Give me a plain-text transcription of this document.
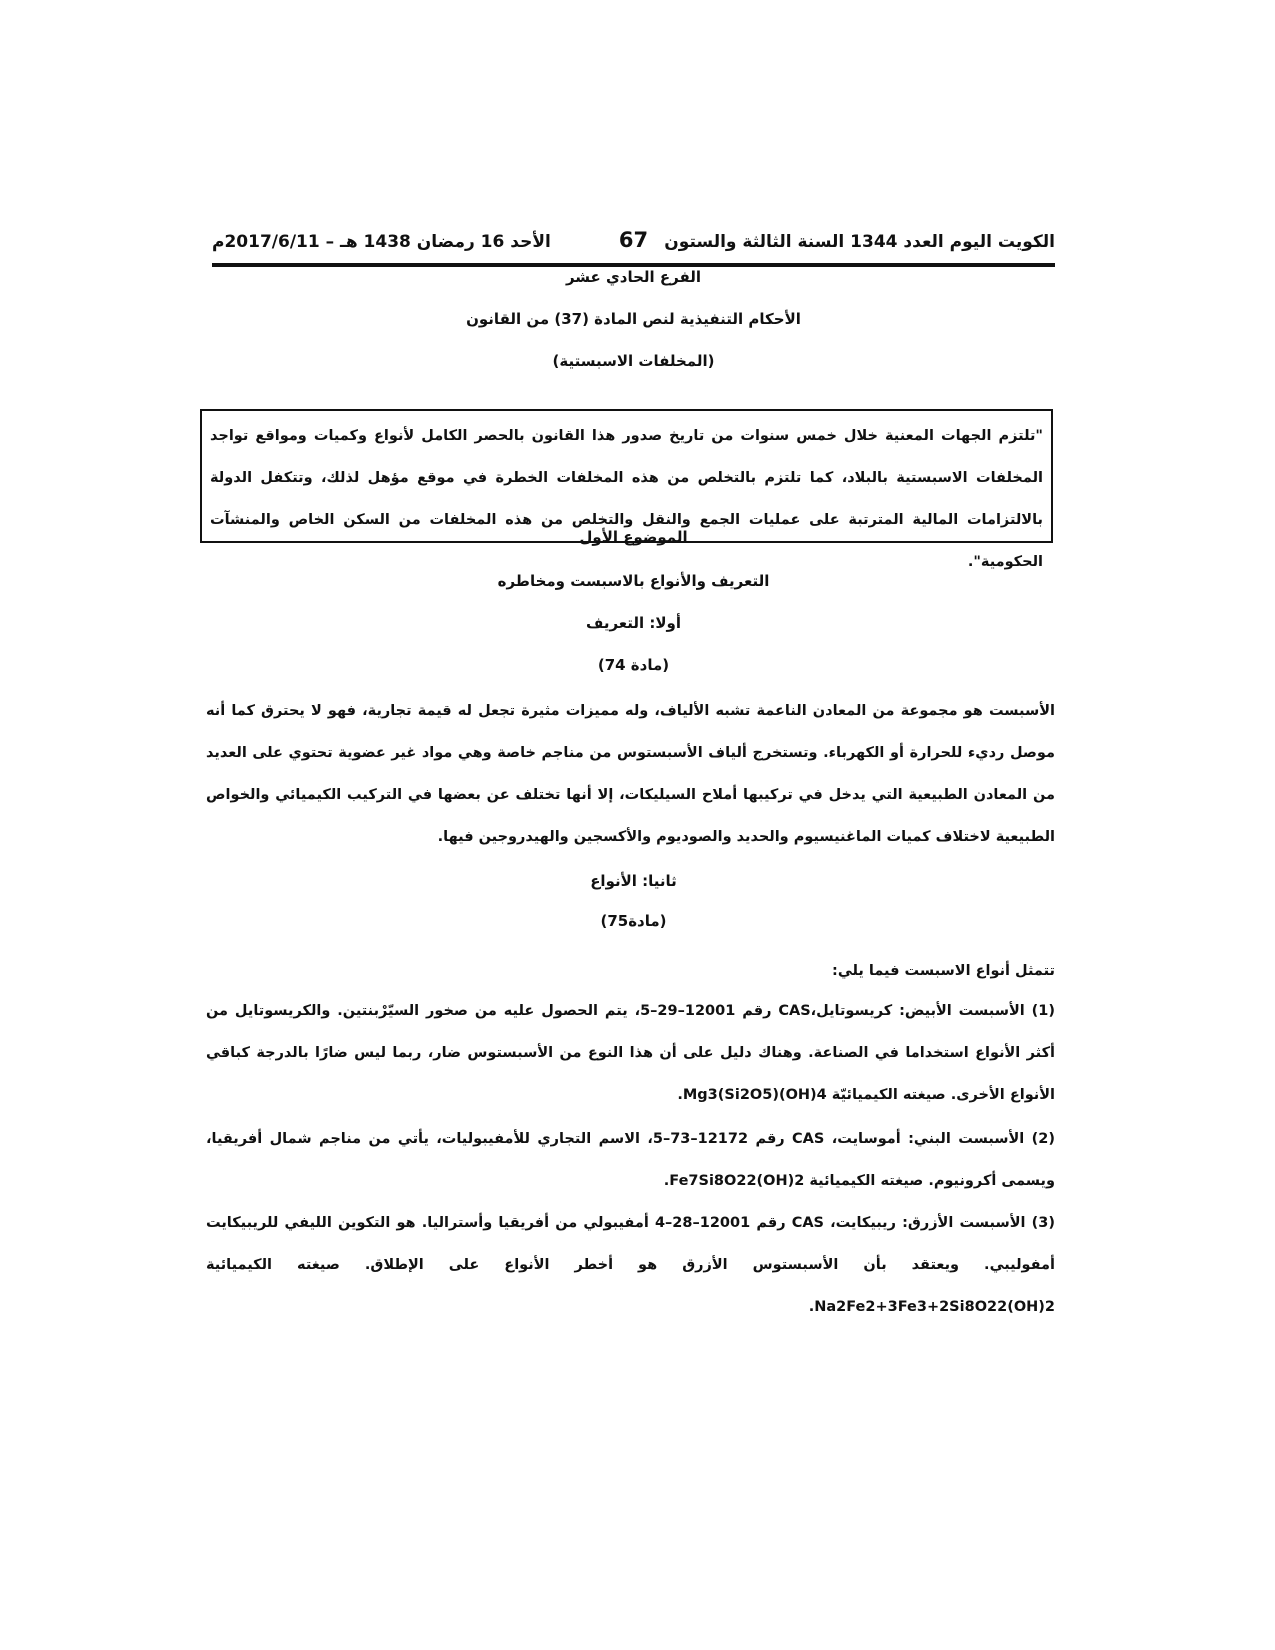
الكويت اليوم العدد 1344 السنة الثالثة والستون
67
الأحد 16 رمضان 1438 هـ – 2017/6/11م
الفرع الحادي عشر
الأحكام التنفيذية لنص المادة (37) من القانون
(المخلفات الاسبستية)
"تلتزم الجهات المعنية خلال خمس سنوات من تاريخ صدور هذا القانون بالحصر الكامل لأنواع وكميات ومواقع تواجد المخلفات الاسبستية بالبلاد، كما تلتزم بالتخلص من هذه المخلفات الخطرة في موقع مؤهل لذلك، وتتكفل الدولة بالالتزامات المالية المترتبة على عمليات الجمع والنقل والتخلص من هذه المخلفات من السكن الخاص والمنشآت الحكومية".
الموضوع الأول
التعريف والأنواع بالاسبست ومخاطره
أولا: التعريف
(مادة 74)
الأسبست هو مجموعة من المعادن الناعمة تشبه الألياف، وله مميزات مثيرة تجعل له قيمة تجارية، فهو لا يحترق كما أنه موصل رديء للحرارة أو الكهرباء. وتستخرج ألياف الأسبستوس من مناجم خاصة وهي مواد غير عضوية تحتوي على العديد من المعادن الطبيعية التي يدخل في تركيبها أملاح السيليكات، إلا أنها تختلف عن بعضها في التركيب الكيميائي والخواص الطبيعية لاختلاف كميات الماغنيسيوم والحديد والصوديوم والأكسجين والهيدروجين فيها.
ثانيا: الأنواع
(مادة75)
تتمثل أنواع الاسبست فيما يلي:
(1) الأسبست الأبيض: كريسوتايل،CAS رقم 12001–29–5، يتم الحصول عليه من صخور السيّرْبنتين. والكريسوتايل من أكثر الأنواع استخداما في الصناعة. وهناك دليل على أن هذا النوع من الأسبستوس ضار، ربما ليس ضارًا بالدرجة كباقي الأنواع الأخرى. صيغته الكيميائيّة Mg3(Si2O5)(OH)4.
(2) الأسبست البني: أموسايت، CAS رقم 12172–73–5، الاسم التجاري للأمفيبوليات، يأتي من مناجم شمال أفريقيا، ويسمى أكرونيوم. صيغته الكيميائية Fe7Si8O22(OH)2.
(3) الأسبست الأزرق: ريبيكايت، CAS رقم 12001–28–4 أمفيبولي من أفريقيا وأستراليا. هو التكوين الليفي للريبيكايت أمفوليبي. ويعتقد بأن الأسبستوس الأزرق هو أخطر الأنواع على الإطلاق. صيغته الكيميائية Na2Fe2+3Fe3+2Si8O22(OH)2.
